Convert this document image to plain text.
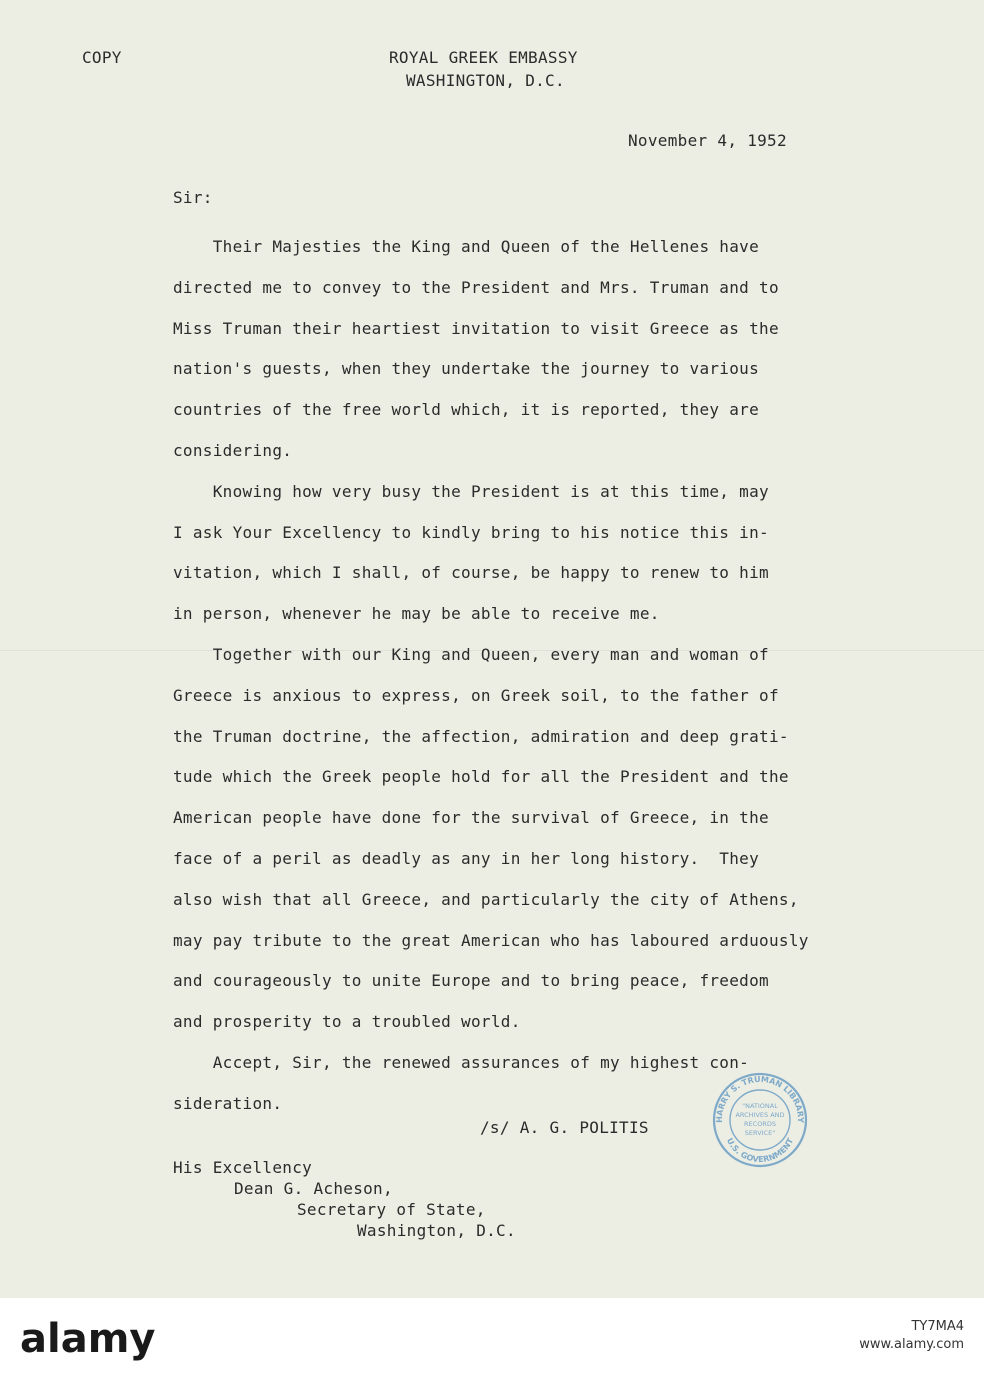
COPY	ROYAL GREEK EMBASSY
WASHINGTON, D.C.
November 4, 1952
Sir:
Their Majesties the King and Queen of the Hellenes have
directed me to convey to the President and Mrs. Truman and to
Miss Truman their heartiest invitation to visit Greece as the
nation's guests, when they undertake the journey to various
countries of the free world which, it is reported, they are
considering.
Knowing how very busy the President is at this time, may
I ask Your Excellency to kindly bring to his notice this in-
vitation, which I shall, of course, be happy to renew to him
in person, whenever he may be able to receive me.
Together with our King and Queen, every man and woman of
Greece is anxious to express, on Greek soil, to the father of
the Truman doctrine, the affection, admiration and deep grati-
tude which the Greek people hold for all the President and the
American people have done for the survival of Greece, in the
face of a peril as deadly as any in her long history.  They
also wish that all Greece, and particularly the city of Athens,
may pay tribute to the great American who has laboured arduously
and courageously to unite Europe and to bring peace, freedom
and prosperity to a troubled world.
Accept, Sir, the renewed assurances of my highest con-
sideration.
/s/ A. G. POLITIS
His Excellency
Dean G. Acheson,
Secretary of State,
Washington, D.C.
HARRY S. TRUMAN LIBRARY
U.S. GOVERNMENT
"NATIONAL
ARCHIVES AND
RECORDS
SERVICE"
alamy	TY7MA4
www.alamy.com
